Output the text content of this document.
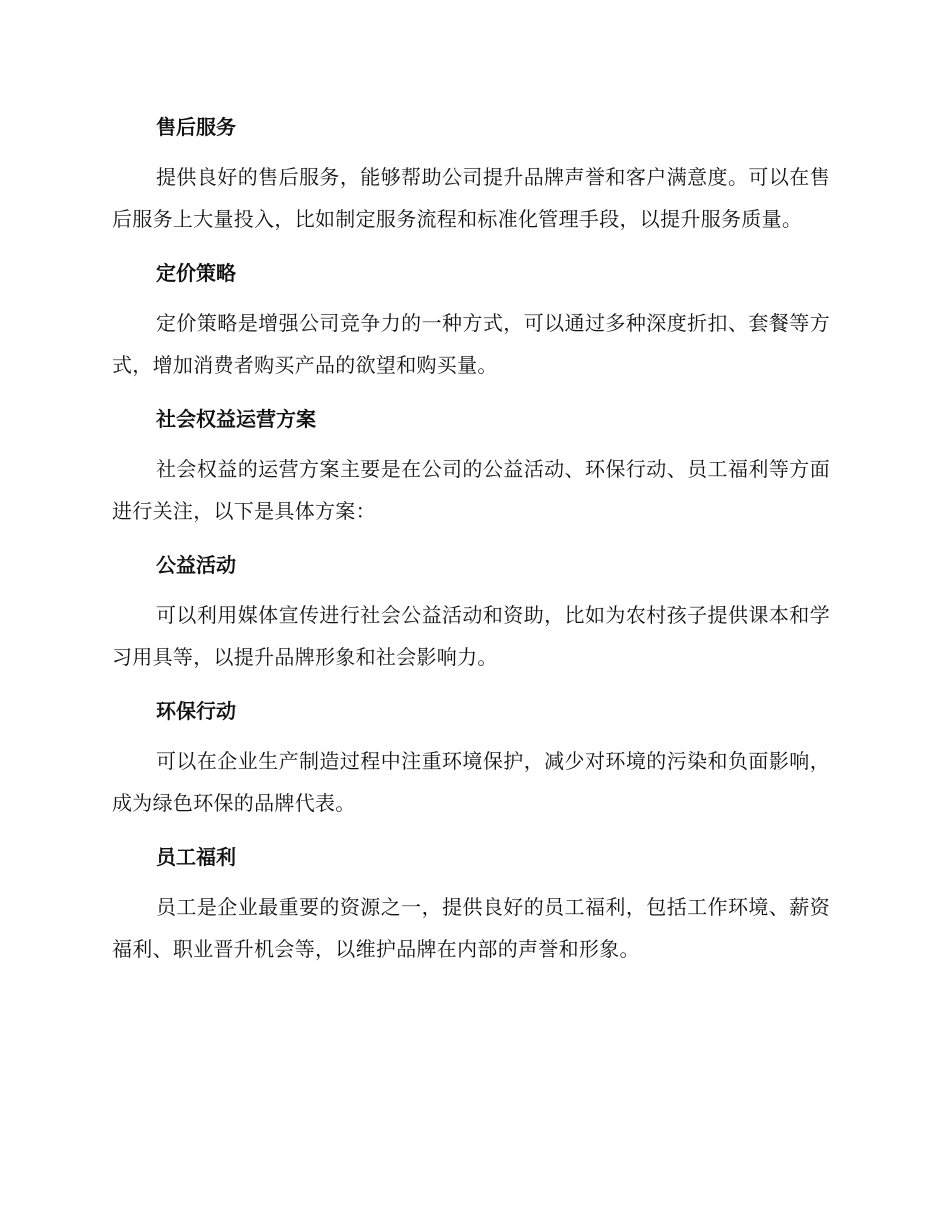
售后服务

提供良好的售后服务，能够帮助公司提升品牌声誉和客户满意度。可以在售后服务上大量投入，比如制定服务流程和标准化管理手段，以提升服务质量。

定价策略

定价策略是增强公司竞争力的一种方式，可以通过多种深度折扣、套餐等方式，增加消费者购买产品的欲望和购买量。

社会权益运营方案

社会权益的运营方案主要是在公司的公益活动、环保行动、员工福利等方面进行关注，以下是具体方案：

公益活动

可以利用媒体宣传进行社会公益活动和资助，比如为农村孩子提供课本和学习用具等，以提升品牌形象和社会影响力。

环保行动

可以在企业生产制造过程中注重环境保护，减少对环境的污染和负面影响，成为绿色环保的品牌代表。

员工福利

员工是企业最重要的资源之一，提供良好的员工福利，包括工作环境、薪资福利、职业晋升机会等，以维护品牌在内部的声誉和形象。
